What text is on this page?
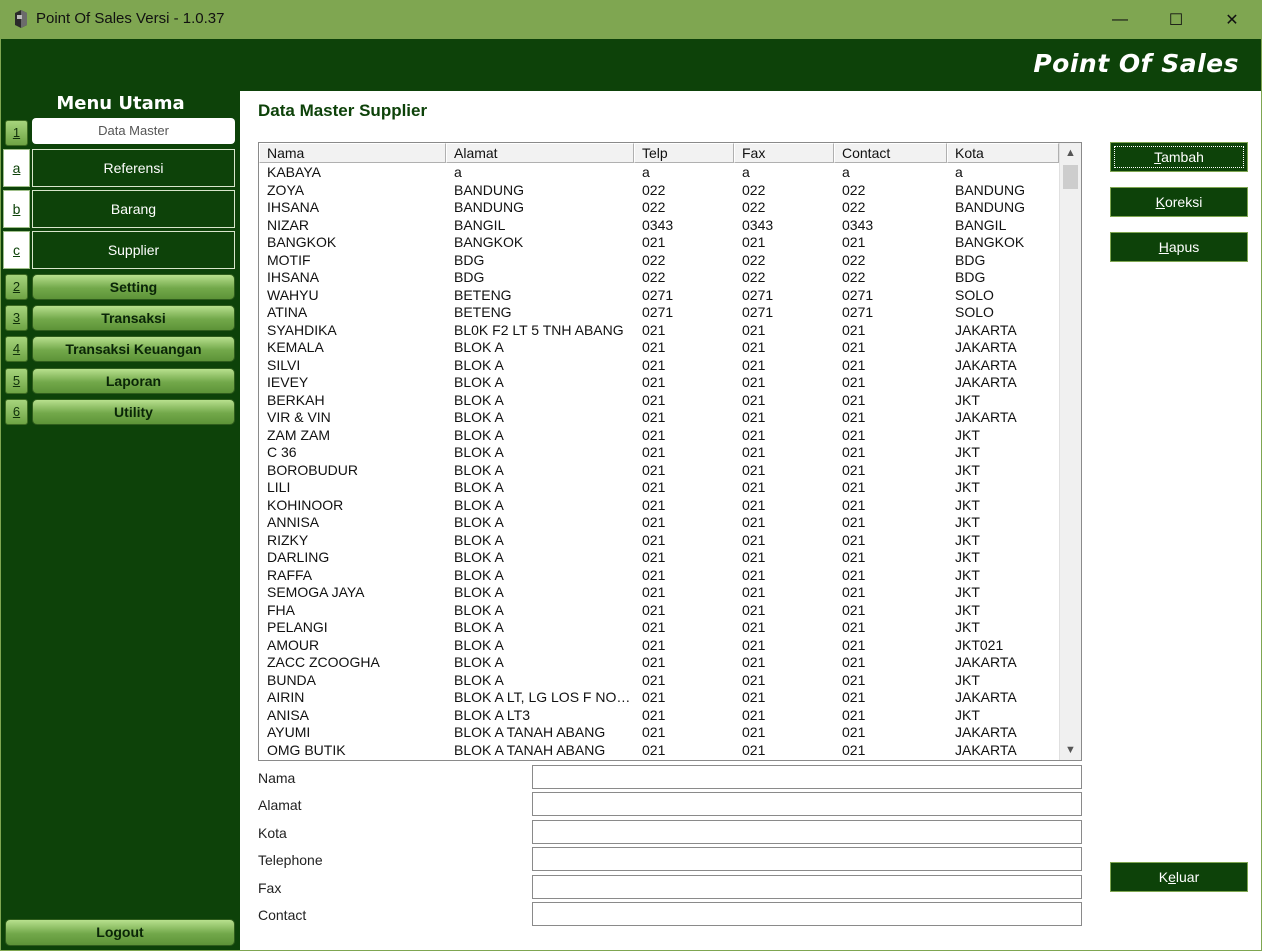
Point Of Sales Versi - 1.0.37	—	☐	✕
Point Of Sales
Menu Utama
1	Data Master
a	Referensi
b	Barang
c	Supplier
2	Setting
3	Transaksi
4	Transaksi Keuangan
5	Laporan
6	Utility
Logout
Data Master Supplier
Nama	Alamat	Telp	Fax	Contact	Kota
KABAYA	a	a	a	a	a
ZOYA	BANDUNG	022	022	022	BANDUNG
IHSANA	BANDUNG	022	022	022	BANDUNG
NIZAR	BANGIL	0343	0343	0343	BANGIL
BANGKOK	BANGKOK	021	021	021	BANGKOK
MOTIF	BDG	022	022	022	BDG
IHSANA	BDG	022	022	022	BDG
WAHYU	BETENG	0271	0271	0271	SOLO
ATINA	BETENG	0271	0271	0271	SOLO
SYAHDIKA	BL0K F2 LT 5 TNH ABANG	021	021	021	JAKARTA
KEMALA	BLOK A	021	021	021	JAKARTA
SILVI	BLOK A	021	021	021	JAKARTA
IEVEY	BLOK A	021	021	021	JAKARTA
BERKAH	BLOK A	021	021	021	JKT
VIR & VIN	BLOK A	021	021	021	JAKARTA
ZAM ZAM	BLOK A	021	021	021	JKT
C 36	BLOK A	021	021	021	JKT
BOROBUDUR	BLOK A	021	021	021	JKT
LILI	BLOK A	021	021	021	JKT
KOHINOOR	BLOK A	021	021	021	JKT
ANNISA	BLOK A	021	021	021	JKT
RIZKY	BLOK A	021	021	021	JKT
DARLING	BLOK A	021	021	021	JKT
RAFFA	BLOK A	021	021	021	JKT
SEMOGA JAYA	BLOK A	021	021	021	JKT
FHA	BLOK A	021	021	021	JKT
PELANGI	BLOK A	021	021	021	JKT
AMOUR	BLOK A	021	021	021	JKT021
ZACC ZCOOGHA	BLOK A	021	021	021	JAKARTA
BUNDA	BLOK A	021	021	021	JKT
AIRIN	BLOK A LT, LG LOS F NO.…	021	021	021	JAKARTA
ANISA	BLOK A LT3	021	021	021	JKT
AYUMI	BLOK A TANAH ABANG	021	021	021	JAKARTA
OMG BUTIK	BLOK A TANAH ABANG	021	021	021	JAKARTA
▲
▼
Nama
Alamat
Kota
Telephone
Fax
Contact
Tambah
Koreksi
Hapus
Keluar
